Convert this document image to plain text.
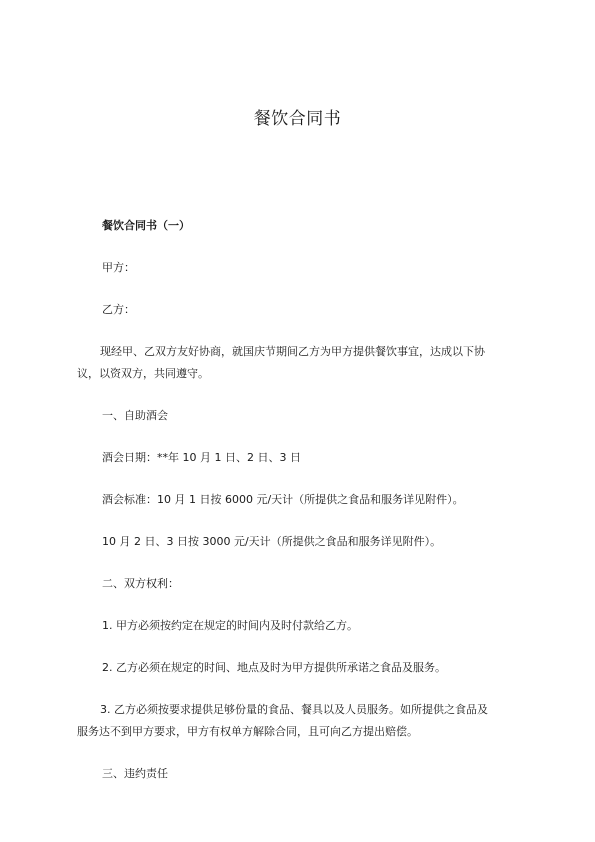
餐饮合同书

餐饮合同书（一）

甲方：

乙方：

现经甲、乙双方友好协商，就国庆节期间乙方为甲方提供餐饮事宜，达成以下协
议，以资双方，共同遵守。

一、自助酒会

酒会日期：**年 10 月 1 日、2 日、3 日

酒会标准：10 月 1 日按 6000 元/天计（所提供之食品和服务详见附件）。

10 月 2 日、3 日按 3000 元/天计（所提供之食品和服务详见附件）。

二、双方权利：

1. 甲方必须按约定在规定的时间内及时付款给乙方。

2. 乙方必须在规定的时间、地点及时为甲方提供所承诺之食品及服务。

3. 乙方必须按要求提供足够份量的食品、餐具以及人员服务。如所提供之食品及
服务达不到甲方要求，甲方有权单方解除合同，且可向乙方提出赔偿。

三、违约责任
